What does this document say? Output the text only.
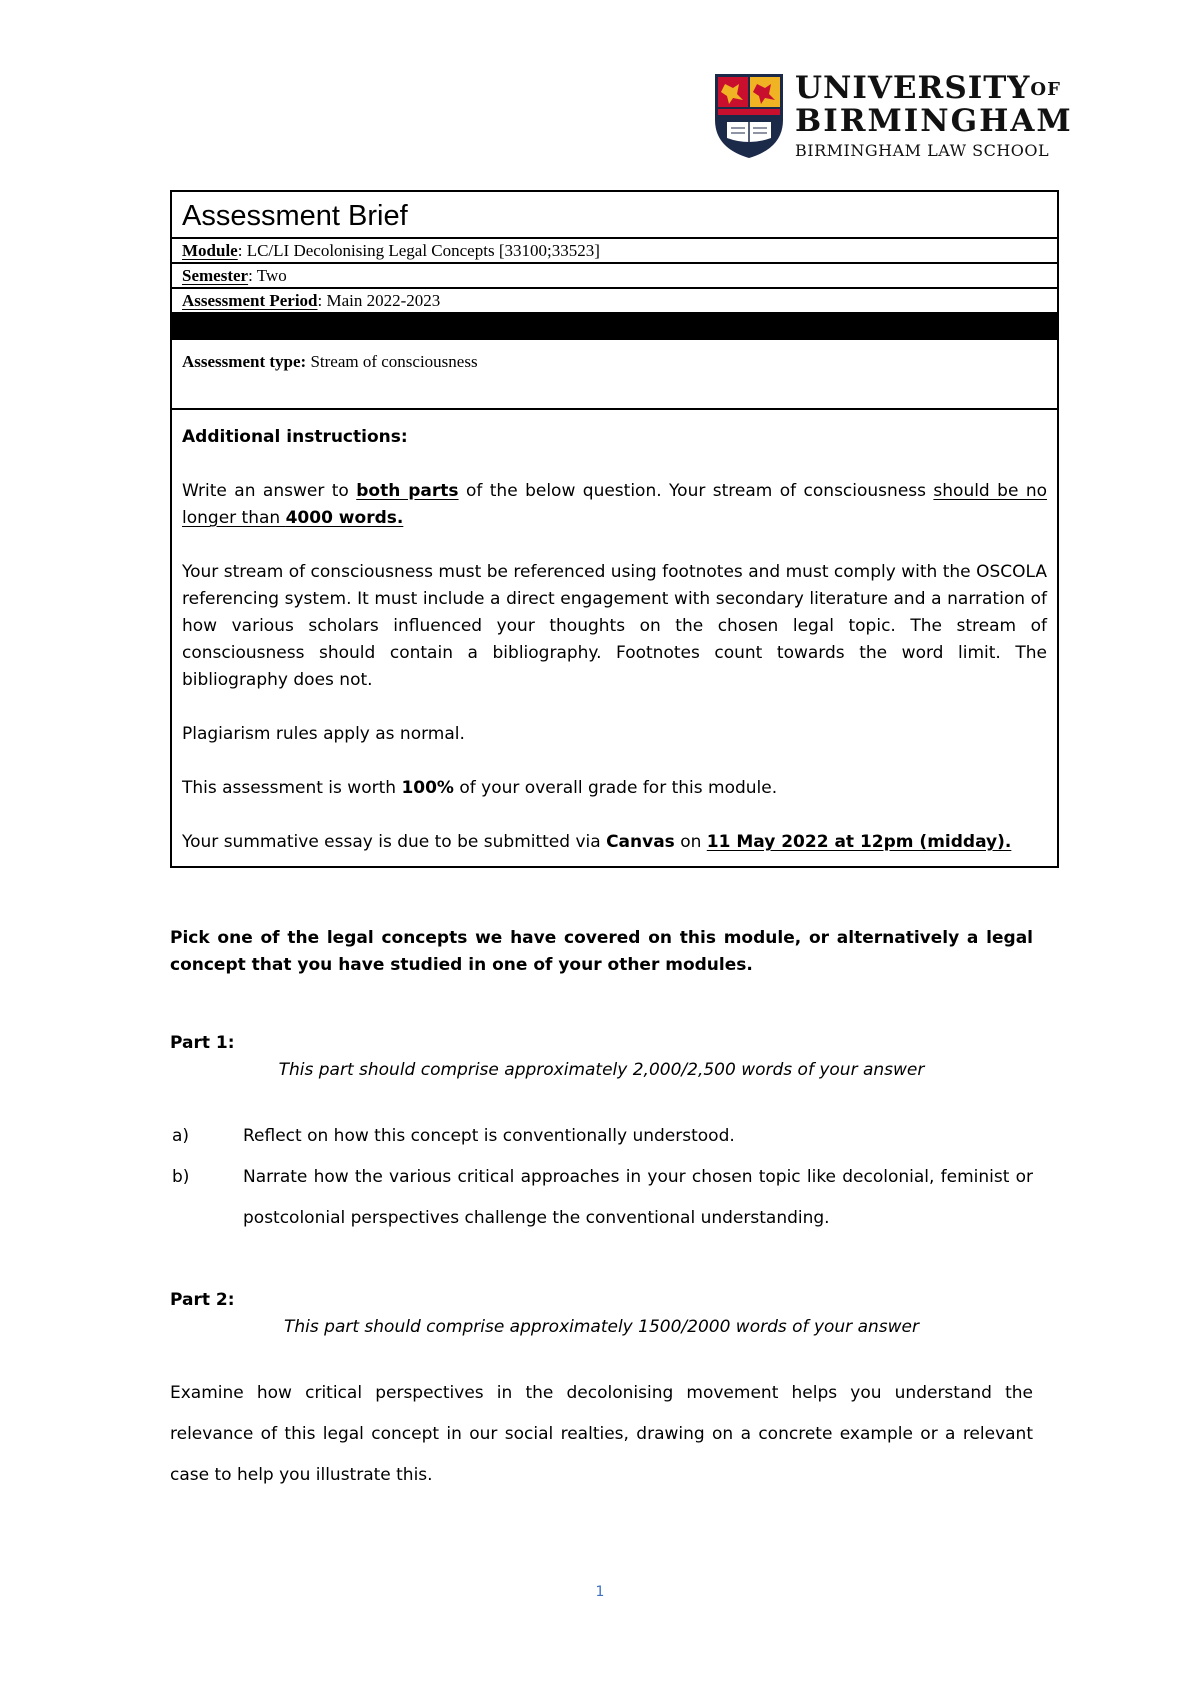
$UNIVERSITY^{OF}$
BIRMINGHAM
BIRMINGHAM LAW SCHOOL
Assessment Brief
Module: LC/LI Decolonising Legal Concepts [33100;33523]
Semester: Two
Assessment Period: Main 2022-2023
Assessment type: Stream of consciousness

Additional instructions:

Write an answer to both parts of the below question. Your stream of consciousness should be no longer than 4000 words.

Your stream of consciousness must be referenced using footnotes and must comply with the OSCOLA referencing system. It must include a direct engagement with secondary literature and a narration of how various scholars influenced your thoughts on the chosen legal topic. The stream of consciousness should contain a bibliography. Footnotes count towards the word limit. The bibliography does not.

Plagiarism rules apply as normal.

This assessment is worth 100% of your overall grade for this module.

Your summative essay is due to be submitted via Canvas on 11 May 2022 at 12pm (midday).

Pick one of the legal concepts we have covered on this module, or alternatively a legal concept that you have studied in one of your other modules.
Part 1:
This part should comprise approximately 2,000/2,500 words of your answer
a)	Reflect on how this concept is conventionally understood.
b)	Narrate how the various critical approaches in your chosen topic like decolonial, feminist or postcolonial perspectives challenge the conventional understanding.
Part 2:
This part should comprise approximately 1500/2000 words of your answer
Examine how critical perspectives in the decolonising movement helps you understand the relevance of this legal concept in our social realties, drawing on a concrete example or a relevant case to help you illustrate this.
1
